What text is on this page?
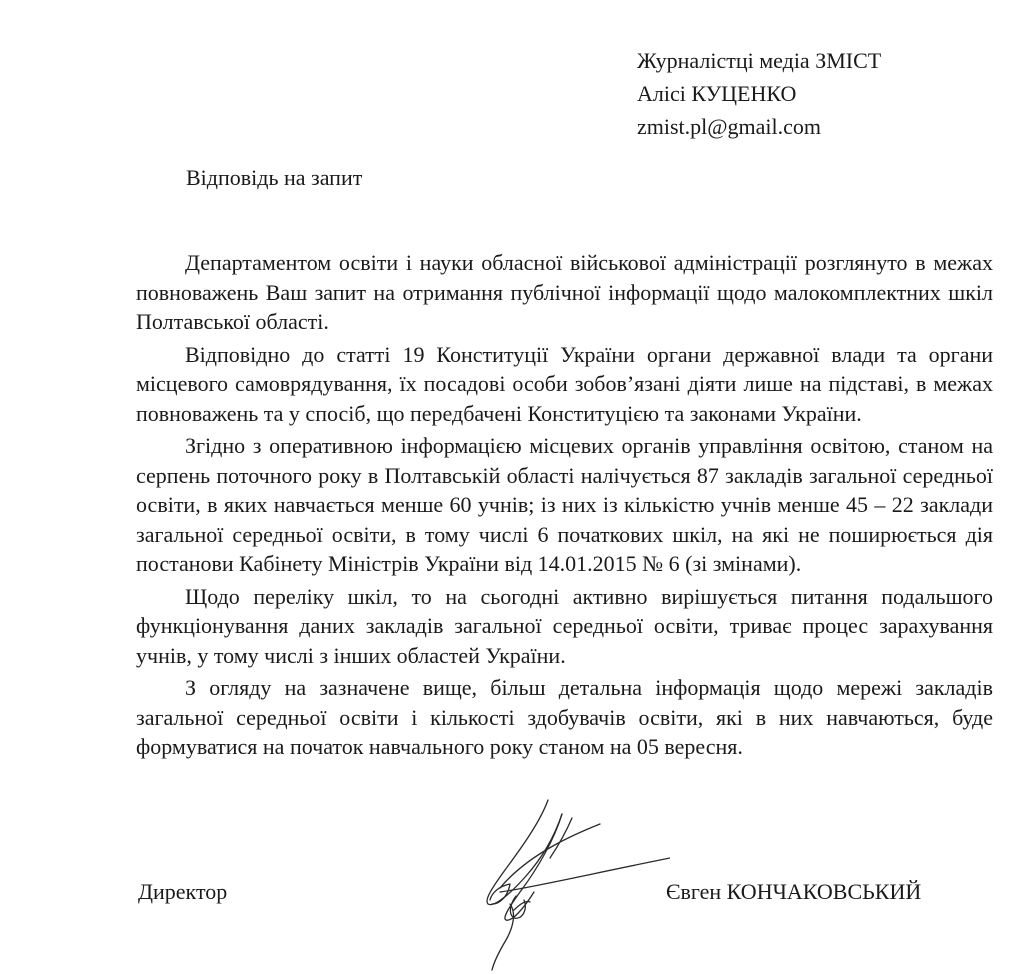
Журналістці медіа ЗМІСТ
Алісі КУЦЕНКО
zmist.pl@gmail.com
Відповідь на запит

Департаментом освіти і науки обласної військової адміністрації розглянуто в межах повноважень Ваш запит на отримання публічної інформації щодо малокомплектних шкіл Полтавської області.

Відповідно до статті 19 Конституції України органи державної влади та органи місцевого самоврядування, їх посадові особи зобов’язані діяти лише на підставі, в межах повноважень та у спосіб, що передбачені Конституцією та законами України.

Згідно з оперативною інформацією місцевих органів управління освітою, станом на серпень поточного року в Полтавській області налічується 87 закладів загальної середньої освіти, в яких навчається менше 60 учнів; із них із кількістю учнів менше 45 – 22 заклади загальної середньої освіти, в тому числі 6 початкових шкіл, на які не поширюється дія постанови Кабінету Міністрів України від 14.01.2015 № 6 (зі змінами).

Щодо переліку шкіл, то на сьогодні активно вирішується питання подальшого функціонування даних закладів загальної середньої освіти, триває процес зарахування учнів, у тому числі з інших областей України.

З огляду на зазначене вище, більш детальна інформація щодо мережі закладів загальної середньої освіти і кількості здобувачів освіти, які в них навчаються, буде формуватися на початок навчального року станом на 05 вересня.

Директор	Євген КОНЧАКОВСЬКИЙ
